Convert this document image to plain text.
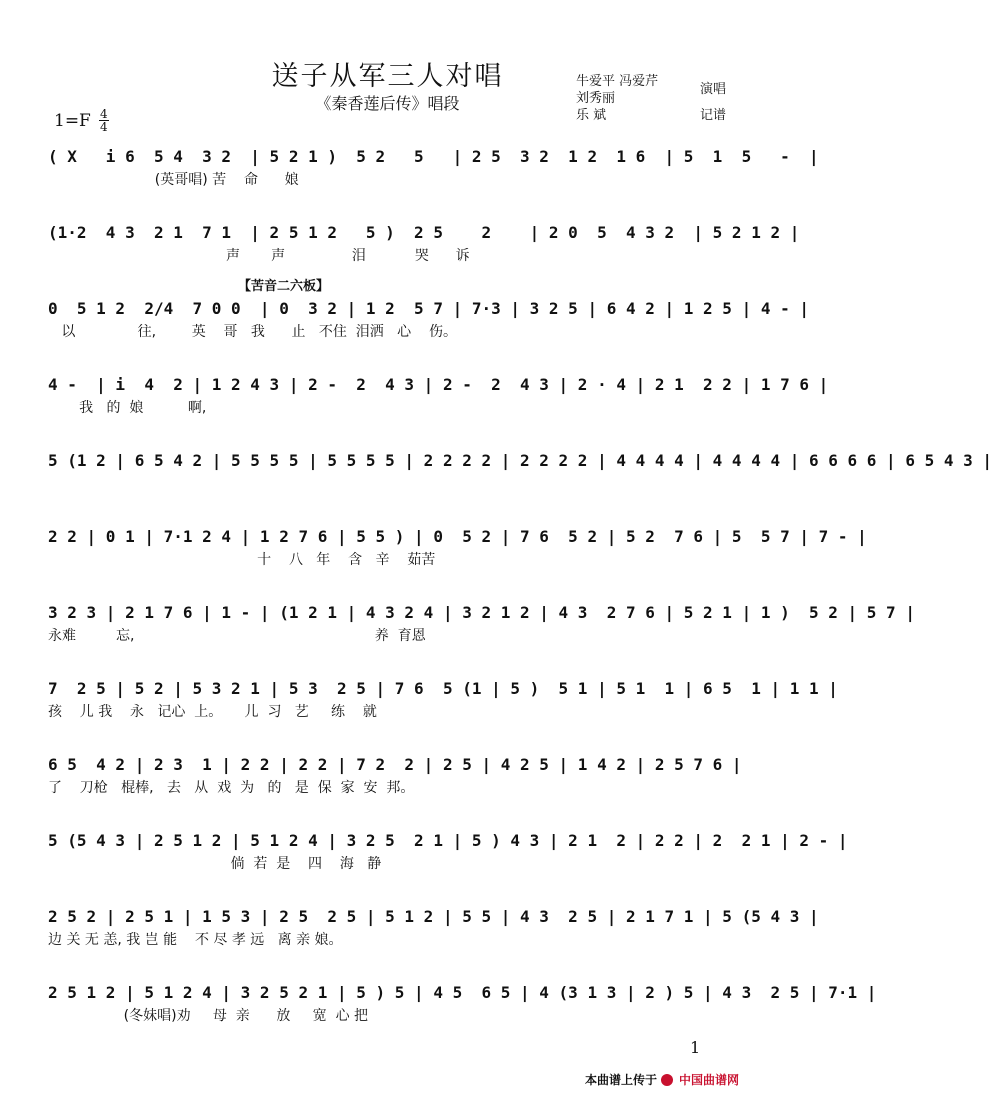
送子从军三人对唱
《秦香莲后传》唱段
牛爱平 冯爱芹
刘秀丽
演唱
乐 斌	记谱
$1=F \frac{4}{4}$
【苦音二六板】
( X   i 6  5 4  3 2  | 5 2 1 )  5 2   5   | 2 5  3 2  1 2  1 6  | 5  1  5   -  |
(英哥唱) 苦    命      娘
(1·2  4 3  2 1  7 1  | 2 5 1 2   5 )  2 5    2    | 2 0  5  4 3 2  | 5 2 1 2 |
声       声               泪           哭      诉
0  5 1 2  2/4  7 0 0  | 0  3 2 | 1 2  5 7 | 7·3 | 3 2 5 | 6 4 2 | 1 2 5 | 4 - |
以              往,        英    哥   我      止   不住  泪洒   心    伤。
4 -  | i  4  2 | 1 2 4 3 | 2 -  2  4 3 | 2 -  2  4 3 | 2 · 4 | 2 1  2 2 | 1 7 6 |
我   的  娘          啊,
5 (1 2 | 6 5 4 2 | 5 5 5 5 | 5 5 5 5 | 2 2 2 2 | 2 2 2 2 | 4 4 4 4 | 4 4 4 4 | 6 6 6 6 | 6 5 4 3 |
2 2 | 0 1 | 7·1 2 4 | 1 2 7 6 | 5 5 ) | 0  5 2 | 7 6  5 2 | 5 2  7 6 | 5  5 7 | 7 - |
十    八   年    含   辛    茹苦
3 2 3 | 2 1 7 6 | 1 - | (1 2 1 | 4 3 2 4 | 3 2 1 2 | 4 3  2 7 6 | 5 2 1 | 1 )  5 2 | 5 7 |
永难         忘,                                                      养  育恩
7  2 5 | 5 2 | 5 3 2 1 | 5 3  2 5 | 7 6  5 (1 | 5 )  5 1 | 5 1  1 | 6 5  1 | 1 1 |
孩    儿 我    永   记心  上。     儿  习   艺     练    就
6 5  4 2 | 2 3  1 | 2 2 | 2 2 | 7 2  2 | 2 5 | 4 2 5 | 1 4 2 | 2 5 7 6 |
了    刀枪   棍棒,   去   从  戏  为   的   是  保  家  安  邦。
5 (5 4 3 | 2 5 1 2 | 5 1 2 4 | 3 2 5  2 1 | 5 ) 4 3 | 2 1  2 | 2 2 | 2  2 1 | 2 - |
倘  若  是    四    海   静
2 5 2 | 2 5 1 | 1 5 3 | 2 5  2 5 | 5 1 2 | 5 5 | 4 3  2 5 | 2 1 7 1 | 5 (5 4 3 |
边 关 无 恙, 我 岂 能    不 尽 孝 远   离 亲 娘。
2 5 1 2 | 5 1 2 4 | 3 2 5 2 1 | 5 ) 5 | 4 5  6 5 | 4 (3 1 3 | 2 ) 5 | 4 3  2 5 | 7·1 |
(冬妹唱)劝     母  亲      放     宽  心 把
1
本曲谱上传于 中国曲谱网
